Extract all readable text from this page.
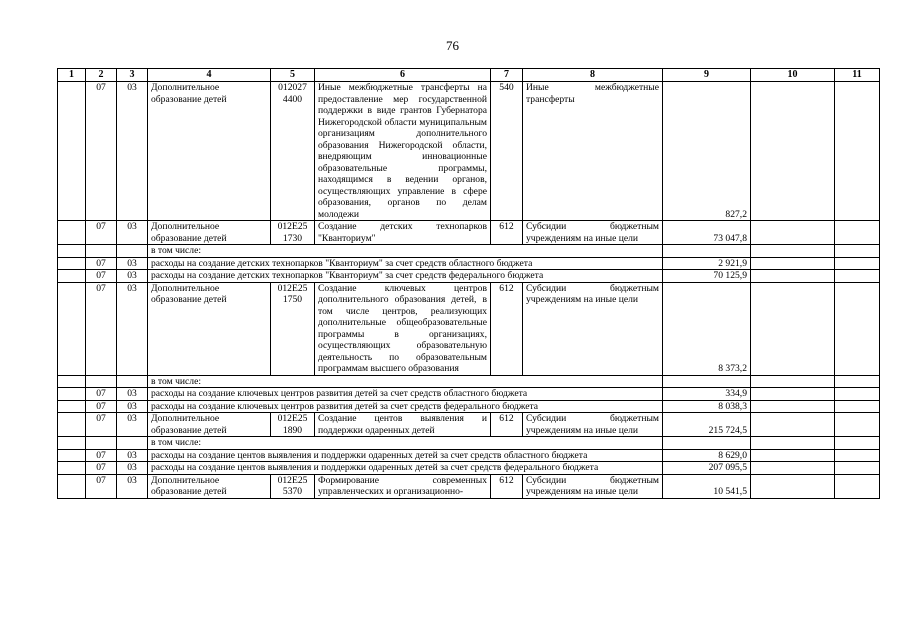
76
1	2	3	4	5	6	7	8	9	10	11
	07	03	Дополнительное образование детей	012027 4400	Иные межбюджетные трансферты на предоставление мер государственной поддержки в виде грантов Губернатора Нижегородской области муниципальным организациям дополнительного образования Нижегородской области, внедряющим инновационные образовательные программы, находящимся в ведении органов, осуществляющих управление в сфере образования, органов по делам молодежи	540	Иные межбюджетные трансферты	827,2		
	07	03	Дополнительное образование детей	012E25 1730	Создание детских технопарков "Кванториум"	612	Субсидии бюджетным учреждениям на иные цели	73 047,8		
			в том числе:							
	07	03	расходы на создание детских технопарков "Кванториум" за счет средств областного бюджета					2 921,9		
	07	03	расходы на создание детских технопарков "Кванториум" за счет средств федерального бюджета					70 125,9		
	07	03	Дополнительное образование детей	012E25 1750	Создание ключевых центров дополнительного образования детей, в том числе центров, реализующих дополнительные общеобразовательные программы в организациях, осуществляющих образовательную деятельность по образовательным программам высшего образования	612	Субсидии бюджетным учреждениям на иные цели	8 373,2		
			в том числе:							
	07	03	расходы на создание ключевых центров развития детей за счет средств областного бюджета					334,9		
	07	03	расходы на создание ключевых центров развития детей за счет средств федерального бюджета					8 038,3		
	07	03	Дополнительное образование детей	012E25 1890	Создание центов выявления и поддержки одаренных детей	612	Субсидии бюджетным учреждениям на иные цели	215 724,5		
			в том числе:							
	07	03	расходы на создание центов выявления и поддержки одаренных детей за счет средств областного бюджета					8 629,0		
	07	03	расходы на создание центов выявления и поддержки одаренных детей за счет средств федерального бюджета					207 095,5		
	07	03	Дополнительное образование детей	012E25 5370	Формирование современных управленческих и организационно-	612	Субсидии бюджетным учреждениям на иные цели	10 541,5		
